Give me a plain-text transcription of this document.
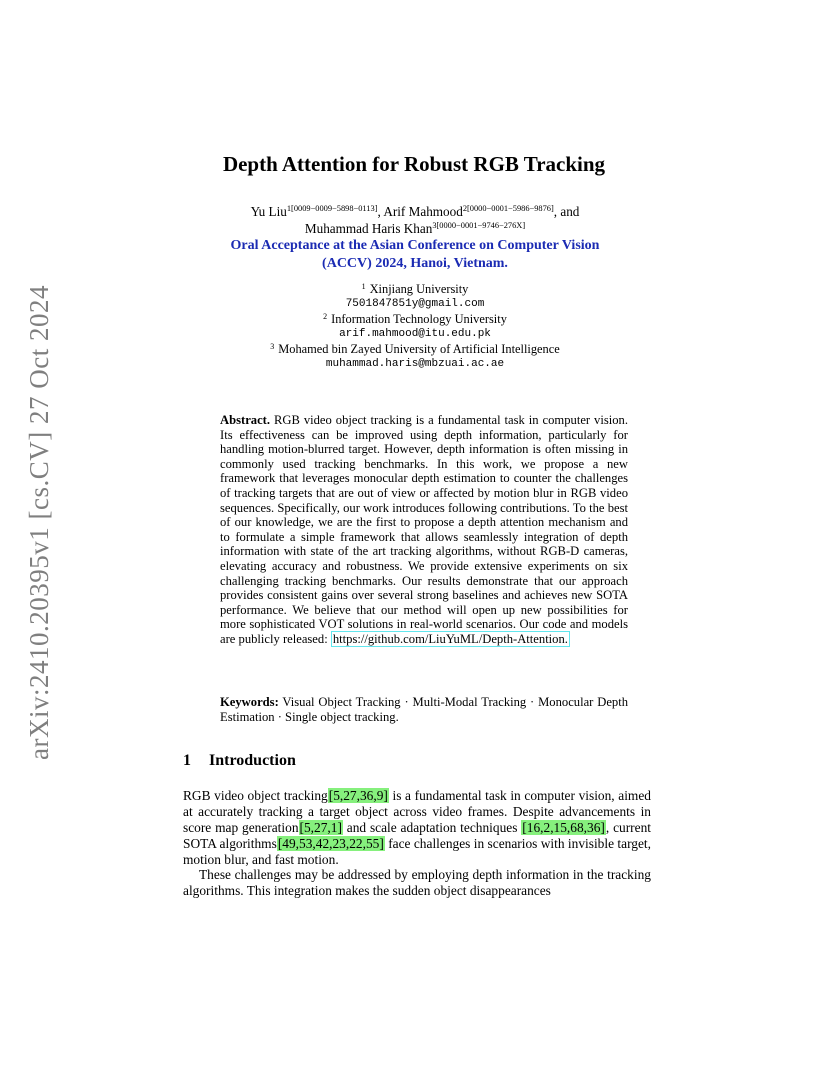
arXiv:2410.20395v1 [cs.CV] 27 Oct 2024
Depth Attention for Robust RGB Tracking
Yu Liu$^{1[0009-0009-5898-0113]}$, Arif Mahmood$^{2[0000-0001-5986-9876]}$, and
Muhammad Haris Khan$^{3[0000-0001-9746-276X]}$
Oral Acceptance at the Asian Conference on Computer Vision
(ACCV) 2024, Hanoi, Vietnam.
$^1$ Xinjiang University
7501847851y@gmail.com
$^2$ Information Technology University
arif.mahmood@itu.edu.pk
$^3$ Mohamed bin Zayed University of Artificial Intelligence
muhammad.haris@mbzuai.ac.ae
Abstract. RGB video object tracking is a fundamental task in computer vision. Its effectiveness can be improved using depth information, particularly for handling motion-blurred target. However, depth information is often missing in commonly used tracking benchmarks. In this work, we propose a new framework that leverages monocular depth estimation to counter the challenges of tracking targets that are out of view or affected by motion blur in RGB video sequences. Specifically, our work introduces following contributions. To the best of our knowledge, we are the first to propose a depth attention mechanism and to formulate a simple framework that allows seamlessly integration of depth information with state of the art tracking algorithms, without RGB-D cameras, elevating accuracy and robustness. We provide extensive experiments on six challenging tracking benchmarks. Our results demonstrate that our approach provides consistent gains over several strong baselines and achieves new SOTA performance. We believe that our method will open up new possibilities for more sophisticated VOT solutions in real-world scenarios. Our code and models are publicly released: https://github.com/LiuYuML/Depth-Attention.
Keywords: Visual Object Tracking · Multi-Modal Tracking · Monocular Depth Estimation · Single object tracking.
1 Introduction
RGB video object tracking[5,27,36,9] is a fundamental task in computer vision, aimed at accurately tracking a target object across video frames. Despite advancements in score map generation[5,27,1] and scale adaptation techniques [16,2,15,68,36], current SOTA algorithms[49,53,42,23,22,55] face challenges in scenarios with invisible target, motion blur, and fast motion.
These challenges may be addressed by employing depth information in the tracking algorithms. This integration makes the sudden object disappearances
